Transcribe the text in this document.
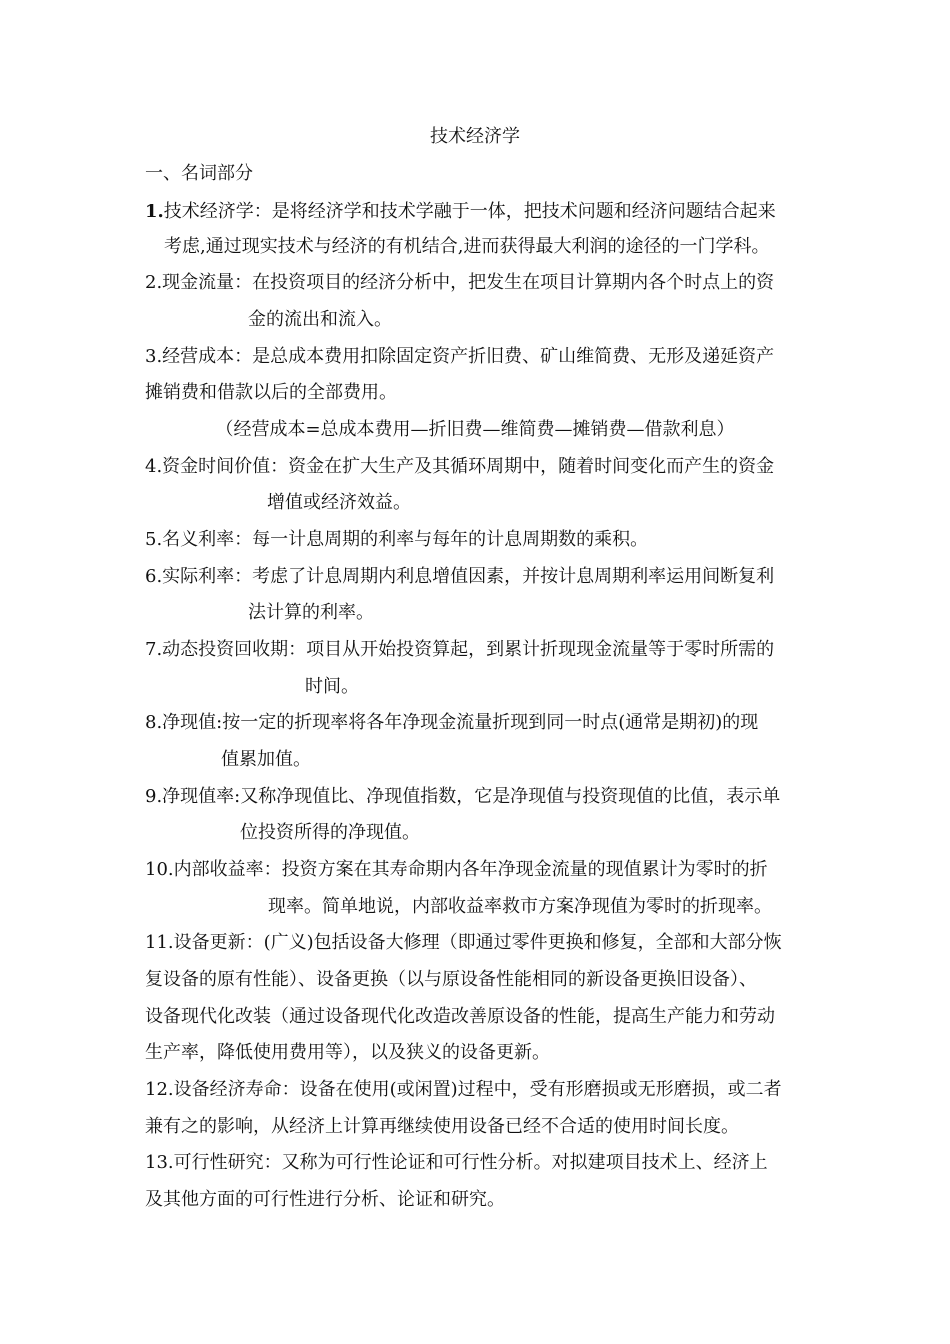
技术经济学
一、名词部分
1.技术经济学：是将经济学和技术学融于一体，把技术问题和经济问题结合起来
考虑,通过现实技术与经济的有机结合,进而获得最大利润的途径的一门学科。
2.现金流量：在投资项目的经济分析中，把发生在项目计算期内各个时点上的资
金的流出和流入。
3.经营成本：是总成本费用扣除固定资产折旧费、矿山维简费、无形及递延资产
摊销费和借款以后的全部费用。
（经营成本=总成本费用—折旧费—维简费—摊销费—借款利息）
4.资金时间价值：资金在扩大生产及其循环周期中，随着时间变化而产生的资金
增值或经济效益。
5.名义利率：每一计息周期的利率与每年的计息周期数的乘积。
6.实际利率：考虑了计息周期内利息增值因素，并按计息周期利率运用间断复利
法计算的利率。
7.动态投资回收期：项目从开始投资算起，到累计折现现金流量等于零时所需的
时间。
8.净现值:按一定的折现率将各年净现金流量折现到同一时点(通常是期初)的现
值累加值。
9.净现值率:又称净现值比、净现值指数，它是净现值与投资现值的比值，表示单
位投资所得的净现值。
10.内部收益率：投资方案在其寿命期内各年净现金流量的现值累计为零时的折
现率。简单地说，内部收益率救市方案净现值为零时的折现率。
11.设备更新：(广义)包括设备大修理（即通过零件更换和修复，全部和大部分恢
复设备的原有性能）、设备更换（以与原设备性能相同的新设备更换旧设备）、
设备现代化改装（通过设备现代化改造改善原设备的性能，提高生产能力和劳动
生产率，降低使用费用等），以及狭义的设备更新。
12.设备经济寿命：设备在使用(或闲置)过程中，受有形磨损或无形磨损，或二者
兼有之的影响，从经济上计算再继续使用设备已经不合适的使用时间长度。
13.可行性研究：又称为可行性论证和可行性分析。对拟建项目技术上、经济上
及其他方面的可行性进行分析、论证和研究。
